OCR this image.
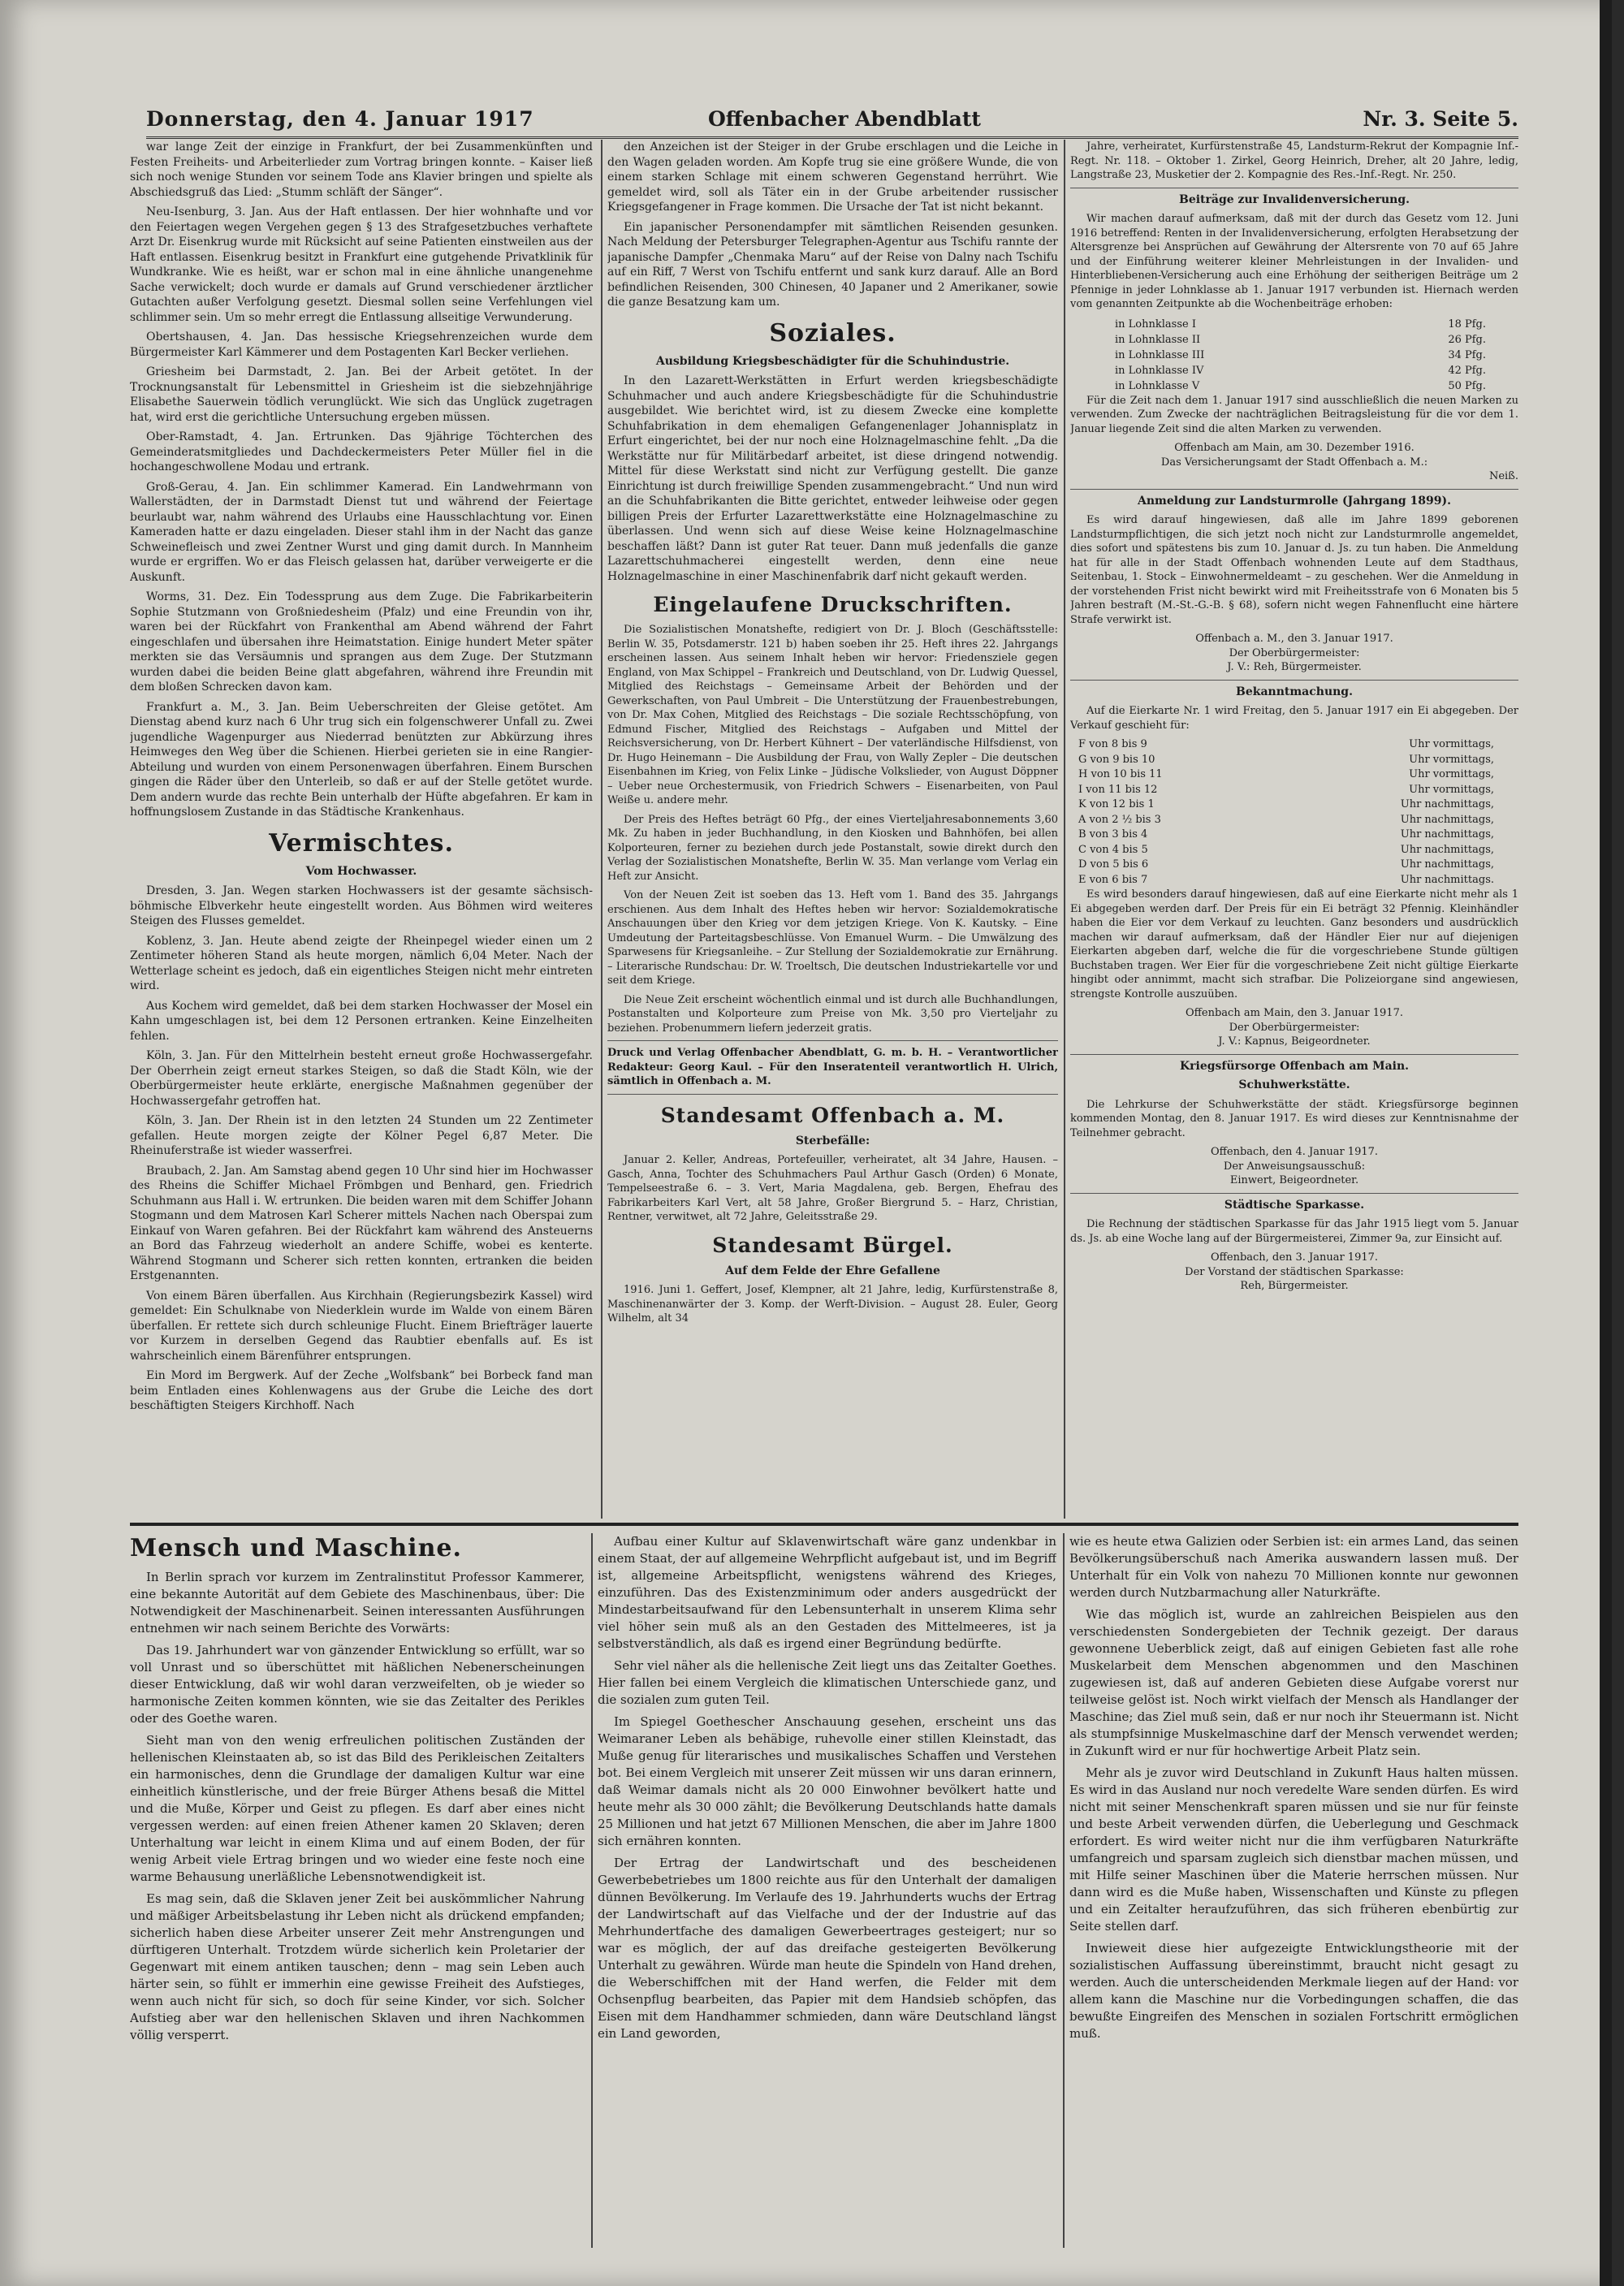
Donnerstag, den 4. Januar 1917	Offenbacher Abendblatt	Nr. 3. Seite 5.

war lange Zeit der einzige in Frankfurt, der bei Zusammenkünften und Festen Freiheits- und Arbeiterlieder zum Vortrag bringen konnte. – Kaiser ließ sich noch wenige Stunden vor seinem Tode ans Klavier bringen und spielte als Abschiedsgruß das Lied: „Stumm schläft der Sänger“.

Neu-Isenburg, 3. Jan. Aus der Haft entlassen. Der hier wohnhafte und vor den Feiertagen wegen Vergehen gegen § 13 des Strafgesetzbuches verhaftete Arzt Dr. Eisenkrug wurde mit Rücksicht auf seine Patienten einstweilen aus der Haft entlassen. Eisenkrug besitzt in Frankfurt eine gutgehende Privatklinik für Wundkranke. Wie es heißt, war er schon mal in eine ähnliche unangenehme Sache verwickelt; doch wurde er damals auf Grund verschiedener ärztlicher Gutachten außer Verfolgung gesetzt. Diesmal sollen seine Verfehlungen viel schlimmer sein. Um so mehr erregt die Entlassung allseitige Verwunderung.

Obertshausen, 4. Jan. Das hessische Kriegsehrenzeichen wurde dem Bürgermeister Karl Kämmerer und dem Postagenten Karl Becker verliehen.

Griesheim bei Darmstadt, 2. Jan. Bei der Arbeit getötet. In der Trocknungsanstalt für Lebensmittel in Griesheim ist die siebzehnjährige Elisabethe Sauerwein tödlich verunglückt. Wie sich das Unglück zugetragen hat, wird erst die gerichtliche Untersuchung ergeben müssen.

Ober-Ramstadt, 4. Jan. Ertrunken. Das 9jährige Töchterchen des Gemeinderatsmitgliedes und Dachdeckermeisters Peter Müller fiel in die hochangeschwollene Modau und ertrank.

Groß-Gerau, 4. Jan. Ein schlimmer Kamerad. Ein Landwehrmann von Wallerstädten, der in Darmstadt Dienst tut und während der Feiertage beurlaubt war, nahm während des Urlaubs eine Hausschlachtung vor. Einen Kameraden hatte er dazu eingeladen. Dieser stahl ihm in der Nacht das ganze Schweinefleisch und zwei Zentner Wurst und ging damit durch. In Mannheim wurde er ergriffen. Wo er das Fleisch gelassen hat, darüber verweigerte er die Auskunft.

Worms, 31. Dez. Ein Todessprung aus dem Zuge. Die Fabrikarbeiterin Sophie Stutzmann von Großniedesheim (Pfalz) und eine Freundin von ihr, waren bei der Rückfahrt von Frankenthal am Abend während der Fahrt eingeschlafen und übersahen ihre Heimatstation. Einige hundert Meter später merkten sie das Versäumnis und sprangen aus dem Zuge. Der Stutzmann wurden dabei die beiden Beine glatt abgefahren, während ihre Freundin mit dem bloßen Schrecken davon kam.

Frankfurt a. M., 3. Jan. Beim Ueberschreiten der Gleise getötet. Am Dienstag abend kurz nach 6 Uhr trug sich ein folgenschwerer Unfall zu. Zwei jugendliche Wagenpurger aus Niederrad benützten zur Abkürzung ihres Heimweges den Weg über die Schienen. Hierbei gerieten sie in eine Rangier-Abteilung und wurden von einem Personenwagen überfahren. Einem Burschen gingen die Räder über den Unterleib, so daß er auf der Stelle getötet wurde. Dem andern wurde das rechte Bein unterhalb der Hüfte abgefahren. Er kam in hoffnungslosem Zustande in das Städtische Krankenhaus.

Vermischtes.
Vom Hochwasser.

Dresden, 3. Jan. Wegen starken Hochwassers ist der gesamte sächsisch-böhmische Elbverkehr heute eingestellt worden. Aus Böhmen wird weiteres Steigen des Flusses gemeldet.

Koblenz, 3. Jan. Heute abend zeigte der Rheinpegel wieder einen um 2 Zentimeter höheren Stand als heute morgen, nämlich 6,04 Meter. Nach der Wetterlage scheint es jedoch, daß ein eigentliches Steigen nicht mehr eintreten wird.

Aus Kochem wird gemeldet, daß bei dem starken Hochwasser der Mosel ein Kahn umgeschlagen ist, bei dem 12 Personen ertranken. Keine Einzelheiten fehlen.

Köln, 3. Jan. Für den Mittelrhein besteht erneut große Hochwassergefahr. Der Oberrhein zeigt erneut starkes Steigen, so daß die Stadt Köln, wie der Oberbürgermeister heute erklärte, energische Maßnahmen gegenüber der Hochwassergefahr getroffen hat.

Köln, 3. Jan. Der Rhein ist in den letzten 24 Stunden um 22 Zentimeter gefallen. Heute morgen zeigte der Kölner Pegel 6,87 Meter. Die Rheinuferstraße ist wieder wasserfrei.

Braubach, 2. Jan. Am Samstag abend gegen 10 Uhr sind hier im Hochwasser des Rheins die Schiffer Michael Frömbgen und Benhard, gen. Friedrich Schuhmann aus Hall i. W. ertrunken. Die beiden waren mit dem Schiffer Johann Stogmann und dem Matrosen Karl Scherer mittels Nachen nach Oberspai zum Einkauf von Waren gefahren. Bei der Rückfahrt kam während des Ansteuerns an Bord das Fahrzeug wiederholt an andere Schiffe, wobei es kenterte. Während Stogmann und Scherer sich retten konnten, ertranken die beiden Erstgenannten.

Von einem Bären überfallen. Aus Kirchhain (Regierungsbezirk Kassel) wird gemeldet: Ein Schulknabe von Niederklein wurde im Walde von einem Bären überfallen. Er rettete sich durch schleunige Flucht. Einem Briefträger lauerte vor Kurzem in derselben Gegend das Raubtier ebenfalls auf. Es ist wahrscheinlich einem Bärenführer entsprungen.

Ein Mord im Bergwerk. Auf der Zeche „Wolfsbank“ bei Borbeck fand man beim Entladen eines Kohlenwagens aus der Grube die Leiche des dort beschäftigten Steigers Kirchhoff. Nach

den Anzeichen ist der Steiger in der Grube erschlagen und die Leiche in den Wagen geladen worden. Am Kopfe trug sie eine größere Wunde, die von einem starken Schlage mit einem schweren Gegenstand herrührt. Wie gemeldet wird, soll als Täter ein in der Grube arbeitender russischer Kriegsgefangener in Frage kommen. Die Ursache der Tat ist nicht bekannt.

Ein japanischer Personendampfer mit sämtlichen Reisenden gesunken. Nach Meldung der Petersburger Telegraphen-Agentur aus Tschifu rannte der japanische Dampfer „Chenmaka Maru“ auf der Reise von Dalny nach Tschifu auf ein Riff, 7 Werst von Tschifu entfernt und sank kurz darauf. Alle an Bord befindlichen Reisenden, 300 Chinesen, 40 Japaner und 2 Amerikaner, sowie die ganze Besatzung kam um.

Soziales.
Ausbildung Kriegsbeschädigter für die Schuhindustrie.

In den Lazarett-Werkstätten in Erfurt werden kriegsbeschädigte Schuhmacher und auch andere Kriegsbeschädigte für die Schuhindustrie ausgebildet. Wie berichtet wird, ist zu diesem Zwecke eine komplette Schuhfabrikation in dem ehemaligen Gefangenenlager Johannisplatz in Erfurt eingerichtet, bei der nur noch eine Holznagelmaschine fehlt. „Da die Werkstätte nur für Militärbedarf arbeitet, ist diese dringend notwendig. Mittel für diese Werkstatt sind nicht zur Verfügung gestellt. Die ganze Einrichtung ist durch freiwillige Spenden zusammengebracht.“ Und nun wird an die Schuhfabrikanten die Bitte gerichtet, entweder leihweise oder gegen billigen Preis der Erfurter Lazarettwerkstätte eine Holznagelmaschine zu überlassen. Und wenn sich auf diese Weise keine Holznagelmaschine beschaffen läßt? Dann ist guter Rat teuer. Dann muß jedenfalls die ganze Lazarettschuhmacherei eingestellt werden, denn eine neue Holznagelmaschine in einer Maschinenfabrik darf nicht gekauft werden.

Eingelaufene Druckschriften.

Die Sozialistischen Monatshefte, redigiert von Dr. J. Bloch (Geschäftsstelle: Berlin W. 35, Potsdamerstr. 121 b) haben soeben ihr 25. Heft ihres 22. Jahrgangs erscheinen lassen. Aus seinem Inhalt heben wir hervor: Friedensziele gegen England, von Max Schippel – Frankreich und Deutschland, von Dr. Ludwig Quessel, Mitglied des Reichstags – Gemeinsame Arbeit der Behörden und der Gewerkschaften, von Paul Umbreit – Die Unterstützung der Frauenbestrebungen, von Dr. Max Cohen, Mitglied des Reichstags – Die soziale Rechtsschöpfung, von Edmund Fischer, Mitglied des Reichstags – Aufgaben und Mittel der Reichsversicherung, von Dr. Herbert Kühnert – Der vaterländische Hilfsdienst, von Dr. Hugo Heinemann – Die Ausbildung der Frau, von Wally Zepler – Die deutschen Eisenbahnen im Krieg, von Felix Linke – Jüdische Volkslieder, von August Döppner – Ueber neue Orchestermusik, von Friedrich Schwers – Eisenarbeiten, von Paul Weiße u. andere mehr.

Der Preis des Heftes beträgt 60 Pfg., der eines Vierteljahresabonnements 3,60 Mk. Zu haben in jeder Buchhandlung, in den Kiosken und Bahnhöfen, bei allen Kolporteuren, ferner zu beziehen durch jede Postanstalt, sowie direkt durch den Verlag der Sozialistischen Monatshefte, Berlin W. 35. Man verlange vom Verlag ein Heft zur Ansicht.

Von der Neuen Zeit ist soeben das 13. Heft vom 1. Band des 35. Jahrgangs erschienen. Aus dem Inhalt des Heftes heben wir hervor: Sozialdemokratische Anschauungen über den Krieg vor dem jetzigen Kriege. Von K. Kautsky. – Eine Umdeutung der Parteitagsbeschlüsse. Von Emanuel Wurm. – Die Umwälzung des Sparwesens für Kriegsanleihe. – Zur Stellung der Sozialdemokratie zur Ernährung. – Literarische Rundschau: Dr. W. Troeltsch, Die deutschen Industriekartelle vor und seit dem Kriege.

Die Neue Zeit erscheint wöchentlich einmal und ist durch alle Buchhandlungen, Postanstalten und Kolporteure zum Preise von Mk. 3,50 pro Vierteljahr zu beziehen. Probenummern liefern jederzeit gratis.

Druck und Verlag Offenbacher Abendblatt, G. m. b. H. – Verantwortlicher Redakteur: Georg Kaul. – Für den Inseratenteil verantwortlich H. Ulrich, sämtlich in Offenbach a. M.

Standesamt Offenbach a. M.
Sterbefälle:

Januar 2. Keller, Andreas, Portefeuiller, verheiratet, alt 34 Jahre, Hausen. – Gasch, Anna, Tochter des Schuhmachers Paul Arthur Gasch (Orden) 6 Monate, Tempelseestraße 6. – 3. Vert, Maria Magdalena, geb. Bergen, Ehefrau des Fabrikarbeiters Karl Vert, alt 58 Jahre, Großer Biergrund 5. – Harz, Christian, Rentner, verwitwet, alt 72 Jahre, Geleitsstraße 29.

Standesamt Bürgel.
Auf dem Felde der Ehre Gefallene

1916. Juni 1. Geffert, Josef, Klempner, alt 21 Jahre, ledig, Kurfürstenstraße 8, Maschinenanwärter der 3. Komp. der Werft-Division. – August 28. Euler, Georg Wilhelm, alt 34

Jahre, verheiratet, Kurfürstenstraße 45, Landsturm-Rekrut der Kompagnie Inf.-Regt. Nr. 118. – Oktober 1. Zirkel, Georg Heinrich, Dreher, alt 20 Jahre, ledig, Langstraße 23, Musketier der 2. Kompagnie des Res.-Inf.-Regt. Nr. 250.

Beiträge zur Invalidenversicherung.

Wir machen darauf aufmerksam, daß mit der durch das Gesetz vom 12. Juni 1916 betreffend: Renten in der Invalidenversicherung, erfolgten Herabsetzung der Altersgrenze bei Ansprüchen auf Gewährung der Altersrente von 70 auf 65 Jahre und der Einführung weiterer kleiner Mehrleistungen in der Invaliden- und Hinterbliebenen-Versicherung auch eine Erhöhung der seitherigen Beiträge um 2 Pfennige in jeder Lohnklasse ab 1. Januar 1917 verbunden ist. Hiernach werden vom genannten Zeitpunkte ab die Wochenbeiträge erhoben:

in Lohnklasse I	18 Pfg.
in Lohnklasse II	26 Pfg.
in Lohnklasse III	34 Pfg.
in Lohnklasse IV	42 Pfg.
in Lohnklasse V	50 Pfg.

Für die Zeit nach dem 1. Januar 1917 sind ausschließlich die neuen Marken zu verwenden. Zum Zwecke der nachträglichen Beitragsleistung für die vor dem 1. Januar liegende Zeit sind die alten Marken zu verwenden.

Offenbach am Main, am 30. Dezember 1916.
Das Versicherungsamt der Stadt Offenbach a. M.:
Neiß.
Anmeldung zur Landsturmrolle (Jahrgang 1899).

Es wird darauf hingewiesen, daß alle im Jahre 1899 geborenen Landsturmpflichtigen, die sich jetzt noch nicht zur Landsturmrolle angemeldet, dies sofort und spätestens bis zum 10. Januar d. Js. zu tun haben. Die Anmeldung hat für alle in der Stadt Offenbach wohnenden Leute auf dem Stadthaus, Seitenbau, 1. Stock – Einwohnermeldeamt – zu geschehen. Wer die Anmeldung in der vorstehenden Frist nicht bewirkt wird mit Freiheitsstrafe von 6 Monaten bis 5 Jahren bestraft (M.-St.-G.-B. § 68), sofern nicht wegen Fahnenflucht eine härtere Strafe verwirkt ist.

Offenbach a. M., den 3. Januar 1917.
Der Oberbürgermeister:
J. V.: Reh, Bürgermeister.
Bekanntmachung.

Auf die Eierkarte Nr. 1 wird Freitag, den 5. Januar 1917 ein Ei abgegeben. Der Verkauf geschieht für:

F von 8 bis 9	Uhr vormittags,
G von 9 bis 10	Uhr vormittags,
H von 10 bis 11	Uhr vormittags,
I von 11 bis 12	Uhr vormittags,
K von 12 bis 1	Uhr nachmittags,
A von 2 ½ bis 3	Uhr nachmittags,
B von 3 bis 4	Uhr nachmittags,
C von 4 bis 5	Uhr nachmittags,
D von 5 bis 6	Uhr nachmittags,
E von 6 bis 7	Uhr nachmittags.

Es wird besonders darauf hingewiesen, daß auf eine Eierkarte nicht mehr als 1 Ei abgegeben werden darf. Der Preis für ein Ei beträgt 32 Pfennig. Kleinhändler haben die Eier vor dem Verkauf zu leuchten. Ganz besonders und ausdrücklich machen wir darauf aufmerksam, daß der Händler Eier nur auf diejenigen Eierkarten abgeben darf, welche die für die vorgeschriebene Stunde gültigen Buchstaben tragen. Wer Eier für die vorgeschriebene Zeit nicht gültige Eierkarte hingibt oder annimmt, macht sich strafbar. Die Polizeiorgane sind angewiesen, strengste Kontrolle auszuüben.

Offenbach am Main, den 3. Januar 1917.
Der Oberbürgermeister:
J. V.: Kapnus, Beigeordneter.
Kriegsfürsorge Offenbach am Main.
Schuhwerkstätte.

Die Lehrkurse der Schuhwerkstätte der städt. Kriegsfürsorge beginnen kommenden Montag, den 8. Januar 1917. Es wird dieses zur Kenntnisnahme der Teilnehmer gebracht.

Offenbach, den 4. Januar 1917.
Der Anweisungsausschuß:
Einwert, Beigeordneter.
Städtische Sparkasse.

Die Rechnung der städtischen Sparkasse für das Jahr 1915 liegt vom 5. Januar ds. Js. ab eine Woche lang auf der Bürgermeisterei, Zimmer 9a, zur Einsicht auf.

Offenbach, den 3. Januar 1917.
Der Vorstand der städtischen Sparkasse:
Reh, Bürgermeister.
Mensch und Maschine.

In Berlin sprach vor kurzem im Zentralinstitut Professor Kammerer, eine bekannte Autorität auf dem Gebiete des Maschinenbaus, über: Die Notwendigkeit der Maschinenarbeit. Seinen interessanten Ausführungen entnehmen wir nach seinem Berichte des Vorwärts:

Das 19. Jahrhundert war von gänzender Entwicklung so erfüllt, war so voll Unrast und so überschüttet mit häßlichen Nebenerscheinungen dieser Entwicklung, daß wir wohl daran verzweifelten, ob je wieder so harmonische Zeiten kommen könnten, wie sie das Zeitalter des Perikles oder des Goethe waren.

Sieht man von den wenig erfreulichen politischen Zuständen der hellenischen Kleinstaaten ab, so ist das Bild des Perikleischen Zeitalters ein harmonisches, denn die Grundlage der damaligen Kultur war eine einheitlich künstlerische, und der freie Bürger Athens besaß die Mittel und die Muße, Körper und Geist zu pflegen. Es darf aber eines nicht vergessen werden: auf einen freien Athener kamen 20 Sklaven; deren Unterhaltung war leicht in einem Klima und auf einem Boden, der für wenig Arbeit viele Ertrag bringen und wo wieder eine feste noch eine warme Behausung unerläßliche Lebensnotwendigkeit ist.

Es mag sein, daß die Sklaven jener Zeit bei auskömmlicher Nahrung und mäßiger Arbeitsbelastung ihr Leben nicht als drückend empfanden; sicherlich haben diese Arbeiter unserer Zeit mehr Anstrengungen und dürftigeren Unterhalt. Trotzdem würde sicherlich kein Proletarier der Gegenwart mit einem antiken tauschen; denn – mag sein Leben auch härter sein, so fühlt er immerhin eine gewisse Freiheit des Aufstieges, wenn auch nicht für sich, so doch für seine Kinder, vor sich. Solcher Aufstieg aber war den hellenischen Sklaven und ihren Nachkommen völlig versperrt.

Aufbau einer Kultur auf Sklavenwirtschaft wäre ganz undenkbar in einem Staat, der auf allgemeine Wehrpflicht aufgebaut ist, und im Begriff ist, allgemeine Arbeitspflicht, wenigstens während des Krieges, einzuführen. Das des Existenzminimum oder anders ausgedrückt der Mindestarbeitsaufwand für den Lebensunterhalt in unserem Klima sehr viel höher sein muß als an den Gestaden des Mittelmeeres, ist ja selbstverständlich, als daß es irgend einer Begründung bedürfte.

Sehr viel näher als die hellenische Zeit liegt uns das Zeitalter Goethes. Hier fallen bei einem Vergleich die klimatischen Unterschiede ganz, und die sozialen zum guten Teil.

Im Spiegel Goethescher Anschauung gesehen, erscheint uns das Weimaraner Leben als behäbige, ruhevolle einer stillen Kleinstadt, das Muße genug für literarisches und musikalisches Schaffen und Verstehen bot. Bei einem Vergleich mit unserer Zeit müssen wir uns daran erinnern, daß Weimar damals nicht als 20 000 Einwohner bevölkert hatte und heute mehr als 30 000 zählt; die Bevölkerung Deutschlands hatte damals 25 Millionen und hat jetzt 67 Millionen Menschen, die aber im Jahre 1800 sich ernähren konnten.

Der Ertrag der Landwirtschaft und des bescheidenen Gewerbebetriebes um 1800 reichte aus für den Unterhalt der damaligen dünnen Bevölkerung. Im Verlaufe des 19. Jahrhunderts wuchs der Ertrag der Landwirtschaft auf das Vielfache und der der Industrie auf das Mehrhundertfache des damaligen Gewerbeertrages gesteigert; nur so war es möglich, der auf das dreifache gesteigerten Bevölkerung Unterhalt zu gewähren. Würde man heute die Spindeln von Hand drehen, die Weberschiffchen mit der Hand werfen, die Felder mit dem Ochsenpflug bearbeiten, das Papier mit dem Handsieb schöpfen, das Eisen mit dem Handhammer schmieden, dann wäre Deutschland längst ein Land geworden,

wie es heute etwa Galizien oder Serbien ist: ein armes Land, das seinen Bevölkerungsüberschuß nach Amerika auswandern lassen muß. Der Unterhalt für ein Volk von nahezu 70 Millionen konnte nur gewonnen werden durch Nutzbarmachung aller Naturkräfte.

Wie das möglich ist, wurde an zahlreichen Beispielen aus den verschiedensten Sondergebieten der Technik gezeigt. Der daraus gewonnene Ueberblick zeigt, daß auf einigen Gebieten fast alle rohe Muskelarbeit dem Menschen abgenommen und den Maschinen zugewiesen ist, daß auf anderen Gebieten diese Aufgabe vorerst nur teilweise gelöst ist. Noch wirkt vielfach der Mensch als Handlanger der Maschine; das Ziel muß sein, daß er nur noch ihr Steuermann ist. Nicht als stumpfsinnige Muskelmaschine darf der Mensch verwendet werden; in Zukunft wird er nur für hochwertige Arbeit Platz sein.

Mehr als je zuvor wird Deutschland in Zukunft Haus halten müssen. Es wird in das Ausland nur noch veredelte Ware senden dürfen. Es wird nicht mit seiner Menschenkraft sparen müssen und sie nur für feinste und beste Arbeit verwenden dürfen, die Ueberlegung und Geschmack erfordert. Es wird weiter nicht nur die ihm verfügbaren Naturkräfte umfangreich und sparsam zugleich sich dienstbar machen müssen, und mit Hilfe seiner Maschinen über die Materie herrschen müssen. Nur dann wird es die Muße haben, Wissenschaften und Künste zu pflegen und ein Zeitalter heraufzuführen, das sich früheren ebenbürtig zur Seite stellen darf.

Inwieweit diese hier aufgezeigte Entwicklungstheorie mit der sozialistischen Auffassung übereinstimmt, braucht nicht gesagt zu werden. Auch die unterscheidenden Merkmale liegen auf der Hand: vor allem kann die Maschine nur die Vorbedingungen schaffen, die das bewußte Eingreifen des Menschen in sozialen Fortschritt ermöglichen muß.
